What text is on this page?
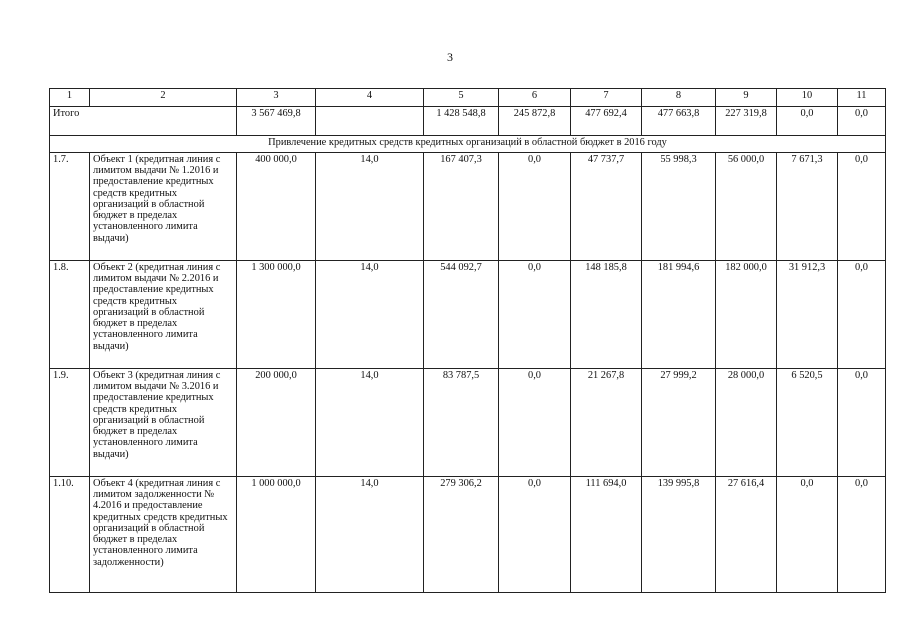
3
1	2	3	4	5	6	7	8	9	10	11
Итого		3 567 469,8		1 428 548,8	245 872,8	477 692,4	477 663,8	227 319,8	0,0	0,0
Привлечение кредитных средств кредитных организаций в областной бюджет в 2016 году										
1.7.	Объект 1 (кредитная линия с лимитом выдачи № 1.2016 и предоставление кредитных средств кредитных организаций в областной бюджет в пределах установленного лимита выдачи)	400 000,0	14,0	167 407,3	0,0	47 737,7	55 998,3	56 000,0	7 671,3	0,0
1.8.	Объект 2 (кредитная линия с лимитом выдачи № 2.2016 и предоставление кредитных средств кредитных организаций в областной бюджет в пределах установленного лимита выдачи)	1 300 000,0	14,0	544 092,7	0,0	148 185,8	181 994,6	182 000,0	31 912,3	0,0
1.9.	Объект 3 (кредитная линия с лимитом выдачи № 3.2016 и предоставление кредитных средств кредитных организаций в областной бюджет в пределах установленного лимита выдачи)	200 000,0	14,0	83 787,5	0,0	21 267,8	27 999,2	28 000,0	6 520,5	0,0
1.10.	Объект 4 (кредитная линия с лимитом задолженности № 4.2016 и предоставление кредитных средств кредитных организаций в областной бюджет в пределах установленного лимита задолженности)	1 000 000,0	14,0	279 306,2	0,0	111 694,0	139 995,8	27 616,4	0,0	0,0
